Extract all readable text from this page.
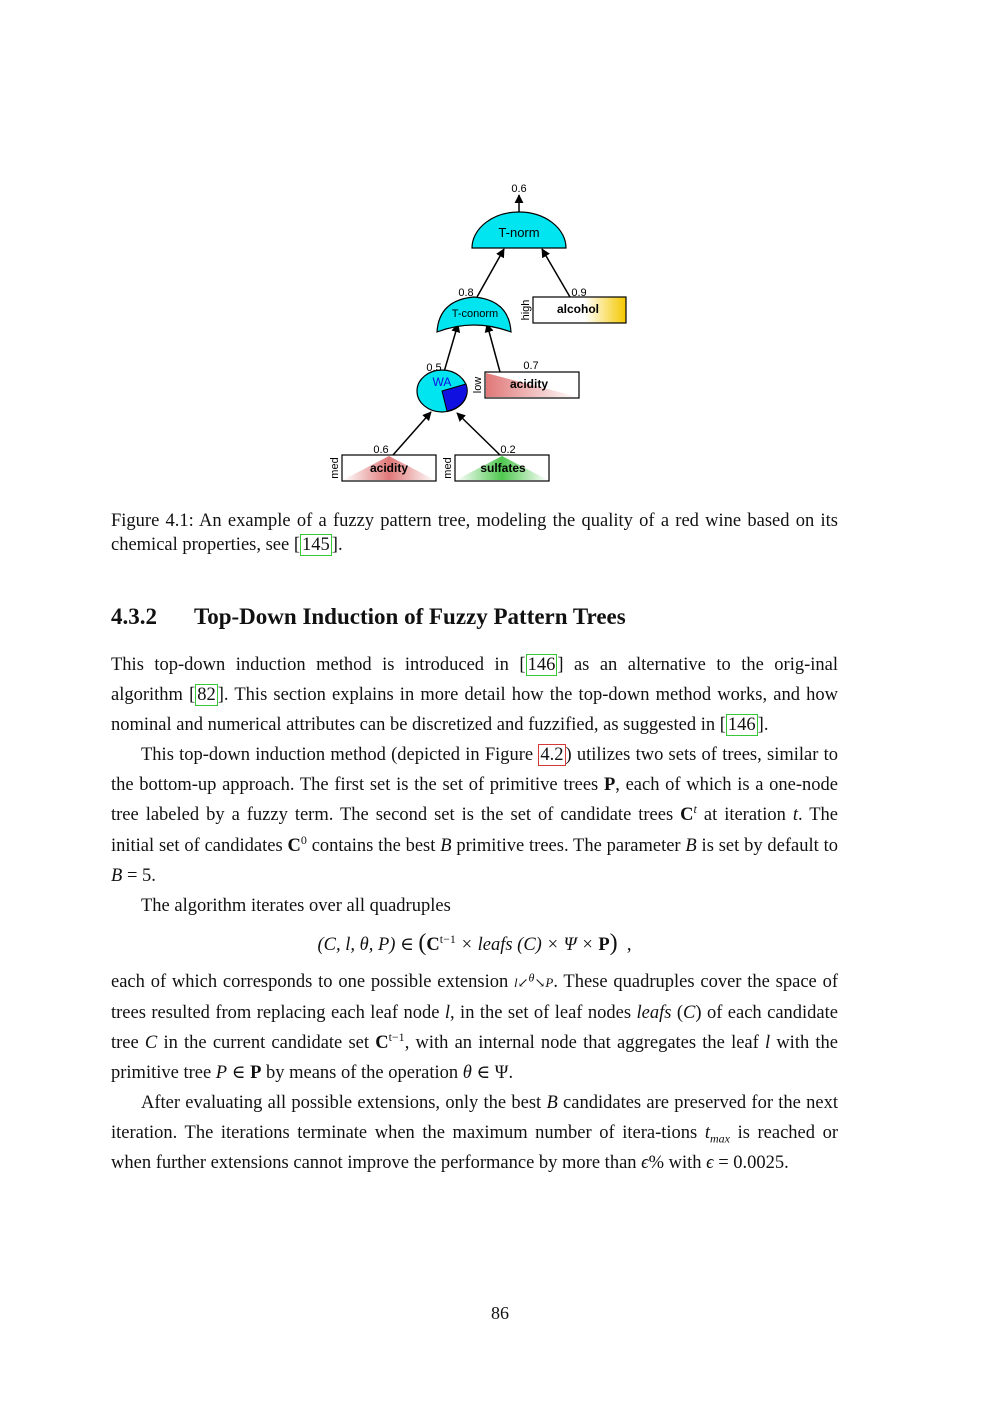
T-norm
0.6
T-conorm
0.8
alcohol
high
0.9
WA
0.5
acidity
low
0.7
acidity
med
0.6
sulfates
med
0.2
Figure 4.1: An example of a fuzzy pattern tree, modeling the quality of a red wine based on its chemical properties, see [ 145 ].
4.3.2 Top-Down Induction of Fuzzy Pattern Trees

This top-down induction method is introduced in [ 146 ] as an alternative to the orig-inal algorithm [ 82 ]. This section explains in more detail how the top-down method works, and how nominal and numerical attributes can be discretized and fuzzified, as suggested in [ 146 ].

This top-down induction method (depicted in Figure 4.2 ) utilizes two sets of trees, similar to the bottom-up approach. The first set is the set of primitive trees P, each of which is a one-node tree labeled by a fuzzy term. The second set is the set of candidate trees $C^t$ at iteration t. The initial set of candidates $C^0$ contains the best B primitive trees. The parameter B is set by default to B = 5.

The algorithm iterates over all quadruples

(C, l, θ, P) ∈ ($C^{t-1}$ × leafs (C) × Ψ × P) ,

each of which corresponds to one possible extension l↙$^\theta$↘P. These quadruples cover the space of trees resulted from replacing each leaf node l, in the set of leaf nodes leafs (C) of each candidate tree C in the current candidate set $C^{t-1}$, with an internal node that aggregates the leaf l with the primitive tree P ∈ P by means of the operation θ ∈ Ψ.

After evaluating all possible extensions, only the best B candidates are preserved for the next iteration. The iterations terminate when the maximum number of itera-tions $t_{max}$ is reached or when further extensions cannot improve the performance by more than ϵ% with ϵ = 0.0025.

86
